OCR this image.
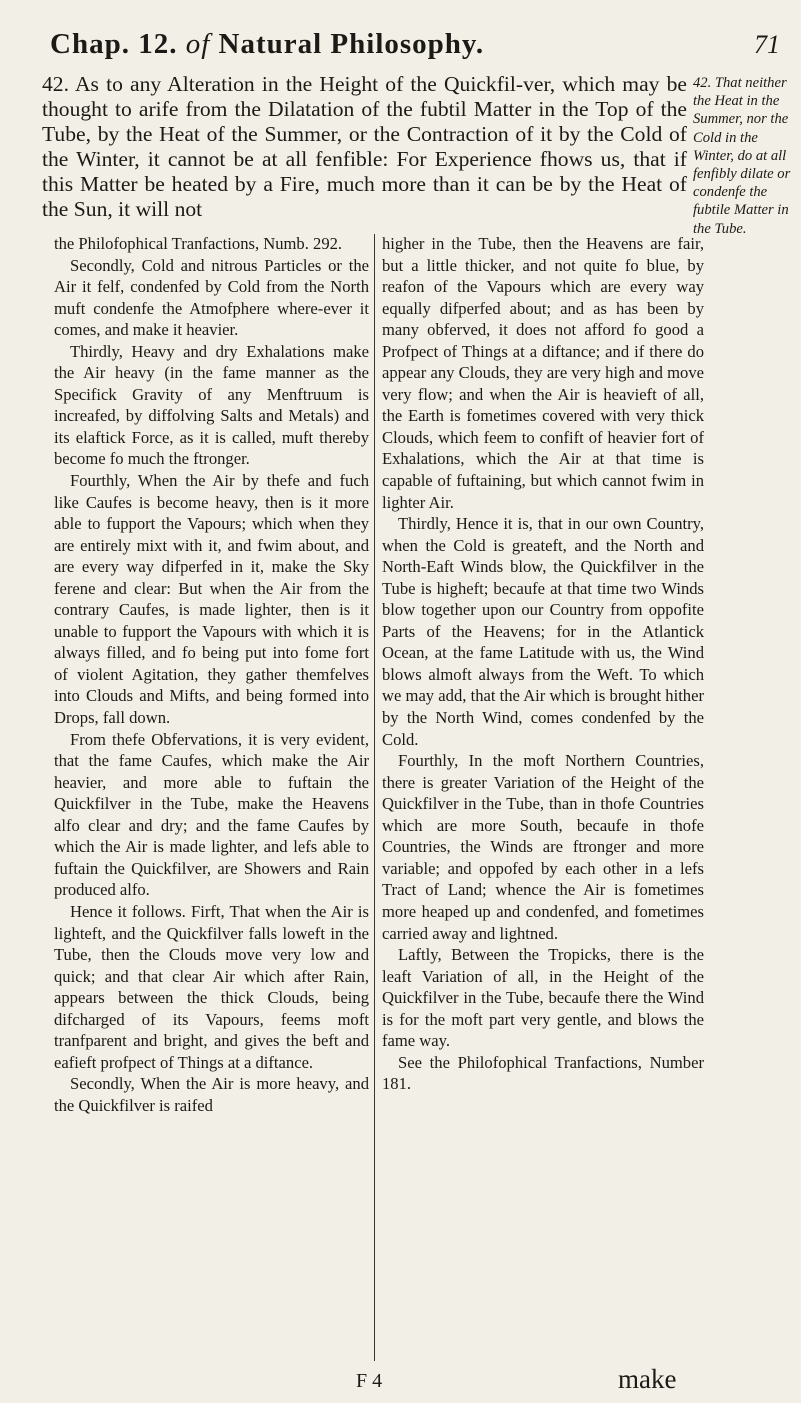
Chap. 12. of Natural Philosophy.	71

42. As to any Alteration in the Height of the Quickfil-ver, which may be thought to arife from the Dilatation of the fubtil Matter in the Top of the Tube, by the Heat of the Summer, or the Contraction of it by the Cold of the Winter, it cannot be at all fenfible: For Experience fhows us, that if this Matter be heated by a Fire, much more than it can be by the Heat of the Sun, it will not

42. That neither the Heat in the Summer, nor the Cold in the Winter, do at all fenfibly dilate or condenfe the fubtile Matter in the Tube.

the Philofophical Tranfactions, Numb. 292.

Secondly, Cold and nitrous Particles or the Air it felf, condenfed by Cold from the North muft condenfe the Atmofphere where-ever it comes, and make it heavier.

Thirdly, Heavy and dry Exhalations make the Air heavy (in the fame manner as the Specifick Gravity of any Menftruum is increafed, by diffolving Salts and Metals) and its elaftick Force, as it is called, muft thereby become fo much the ftronger.

Fourthly, When the Air by thefe and fuch like Caufes is become heavy, then is it more able to fupport the Vapours; which when they are entirely mixt with it, and fwim about, and are every way difperfed in it, make the Sky ferene and clear: But when the Air from the contrary Caufes, is made lighter, then is it unable to fupport the Vapours with which it is always filled, and fo being put into fome fort of violent Agitation, they gather themfelves into Clouds and Mifts, and being formed into Drops, fall down.

From thefe Obfervations, it is very evident, that the fame Caufes, which make the Air heavier, and more able to fuftain the Quickfilver in the Tube, make the Heavens alfo clear and dry; and the fame Caufes by which the Air is made lighter, and lefs able to fuftain the Quickfilver, are Showers and Rain produced alfo.

Hence it follows. Firft, That when the Air is lighteft, and the Quickfilver falls loweft in the Tube, then the Clouds move very low and quick; and that clear Air which after Rain, appears between the thick Clouds, being difcharged of its Vapours, feems moft tranfparent and bright, and gives the beft and eafieft profpect of Things at a diftance.

Secondly, When the Air is more heavy, and the Quickfilver is raifed

higher in the Tube, then the Heavens are fair, but a little thicker, and not quite fo blue, by reafon of the Vapours which are every way equally difperfed about; and as has been by many obferved, it does not afford fo good a Profpect of Things at a diftance; and if there do appear any Clouds, they are very high and move very flow; and when the Air is heavieft of all, the Earth is fometimes covered with very thick Clouds, which feem to confift of heavier fort of Exhalations, which the Air at that time is capable of fuftaining, but which cannot fwim in lighter Air.

Thirdly, Hence it is, that in our own Country, when the Cold is greateft, and the North and North-Eaft Winds blow, the Quickfilver in the Tube is higheft; becaufe at that time two Winds blow together upon our Country from oppofite Parts of the Heavens; for in the Atlantick Ocean, at the fame Latitude with us, the Wind blows almoft always from the Weft. To which we may add, that the Air which is brought hither by the North Wind, comes condenfed by the Cold.

Fourthly, In the moft Northern Countries, there is greater Variation of the Height of the Quickfilver in the Tube, than in thofe Countries which are more South, becaufe in thofe Countries, the Winds are ftronger and more variable; and oppofed by each other in a lefs Tract of Land; whence the Air is fometimes more heaped up and condenfed, and fometimes carried away and lightned.

Laftly, Between the Tropicks, there is the leaft Variation of all, in the Height of the Quickfilver in the Tube, becaufe there the Wind is for the moft part very gentle, and blows the fame way.

See the Philofophical Tranfactions, Number 181.

F 4	make
